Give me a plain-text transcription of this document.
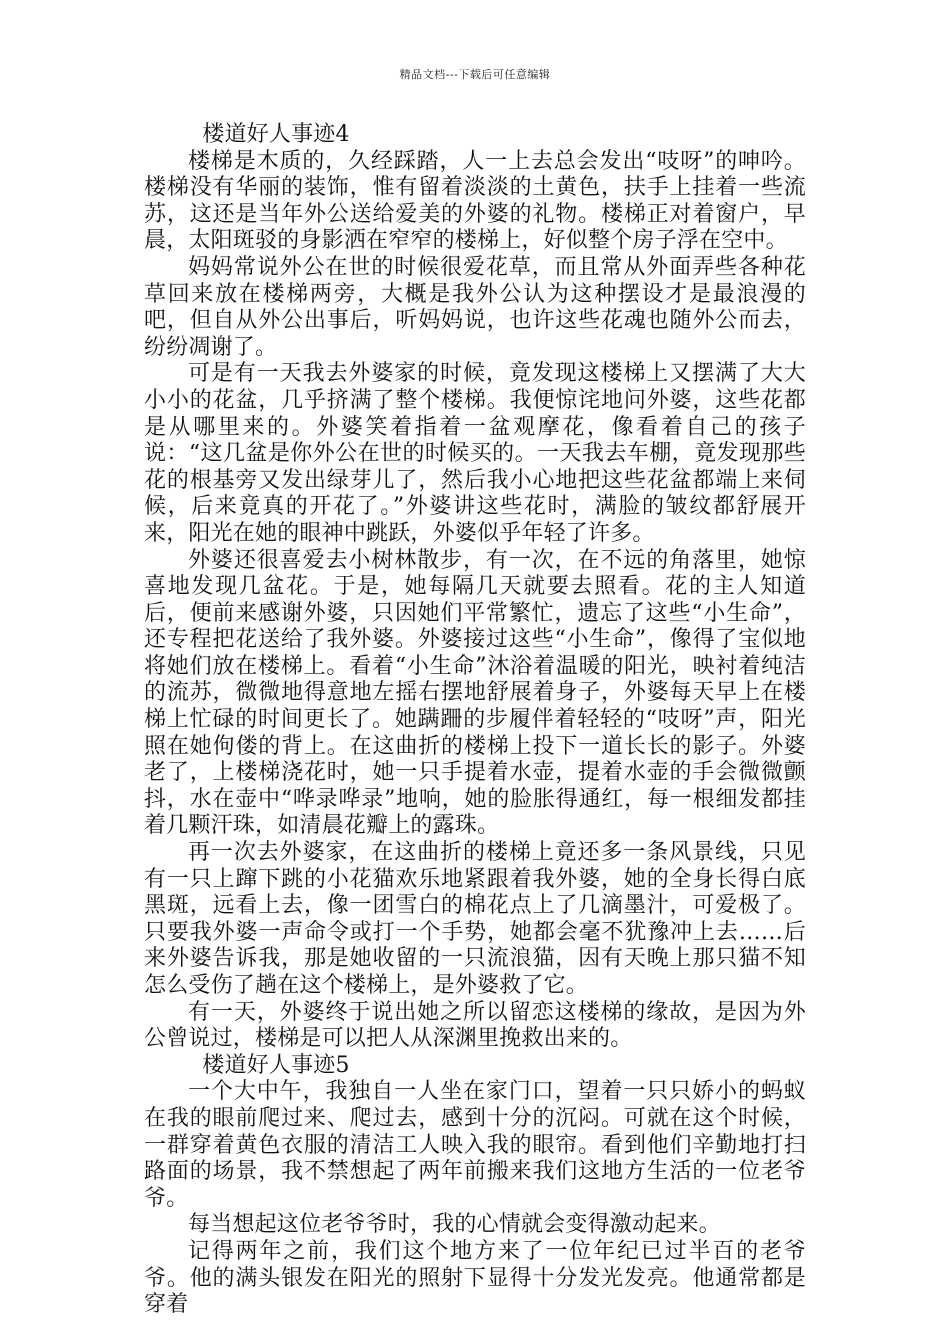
精品文档---下载后可任意编辑

楼道好人事迹4

楼梯是木质的，久经踩踏，人一上去总会发出“吱呀”的呻吟。楼梯没有华丽的装饰，惟有留着淡淡的土黄色，扶手上挂着一些流苏，这还是当年外公送给爱美的外婆的礼物。楼梯正对着窗户，早晨，太阳斑驳的身影洒在窄窄的楼梯上，好似整个房子浮在空中。

妈妈常说外公在世的时候很爱花草，而且常从外面弄些各种花草回来放在楼梯两旁，大概是我外公认为这种摆设才是最浪漫的吧，但自从外公出事后，听妈妈说，也许这些花魂也随外公而去，纷纷凋谢了。

可是有一天我去外婆家的时候，竟发现这楼梯上又摆满了大大小小的花盆，几乎挤满了整个楼梯。我便惊诧地问外婆，这些花都是从哪里来的。外婆笑着指着一盆观摩花，像看着自己的孩子说：“这几盆是你外公在世的时候买的。一天我去车棚，竟发现那些花的根基旁又发出绿芽儿了，然后我小心地把这些花盆都端上来伺候，后来竟真的开花了。”外婆讲这些花时，满脸的皱纹都舒展开来，阳光在她的眼神中跳跃，外婆似乎年轻了许多。

外婆还很喜爱去小树林散步，有一次，在不远的角落里，她惊喜地发现几盆花。于是，她每隔几天就要去照看。花的主人知道后，便前来感谢外婆，只因她们平常繁忙，遗忘了这些“小生命”，还专程把花送给了我外婆。外婆接过这些“小生命”，像得了宝似地将她们放在楼梯上。看着“小生命”沐浴着温暖的阳光，映衬着纯洁的流苏，微微地得意地左摇右摆地舒展着身子，外婆每天早上在楼梯上忙碌的时间更长了。她蹒跚的步履伴着轻轻的“吱呀”声，阳光照在她佝偻的背上。在这曲折的楼梯上投下一道长长的影子。外婆老了，上楼梯浇花时，她一只手提着水壶，提着水壶的手会微微颤抖，水在壶中“哗录哗录”地响，她的脸胀得通红，每一根细发都挂着几颗汗珠，如清晨花瓣上的露珠。

再一次去外婆家，在这曲折的楼梯上竟还多一条风景线，只见有一只上蹿下跳的小花猫欢乐地紧跟着我外婆，她的全身长得白底黑斑，远看上去，像一团雪白的棉花点上了几滴墨汁，可爱极了。只要我外婆一声命令或打一个手势，她都会毫不犹豫冲上去……后来外婆告诉我，那是她收留的一只流浪猫，因有天晚上那只猫不知怎么受伤了趟在这个楼梯上，是外婆救了它。

有一天，外婆终于说出她之所以留恋这楼梯的缘故，是因为外公曾说过，楼梯是可以把人从深渊里挽救出来的。

楼道好人事迹5

一个大中午，我独自一人坐在家门口，望着一只只娇小的蚂蚁在我的眼前爬过来、爬过去，感到十分的沉闷。可就在这个时候，一群穿着黄色衣服的清洁工人映入我的眼帘。看到他们辛勤地打扫路面的场景，我不禁想起了两年前搬来我们这地方生活的一位老爷爷。

每当想起这位老爷爷时，我的心情就会变得激动起来。

记得两年之前，我们这个地方来了一位年纪已过半百的老爷爷。他的满头银发在阳光的照射下显得十分发光发亮。他通常都是穿着
